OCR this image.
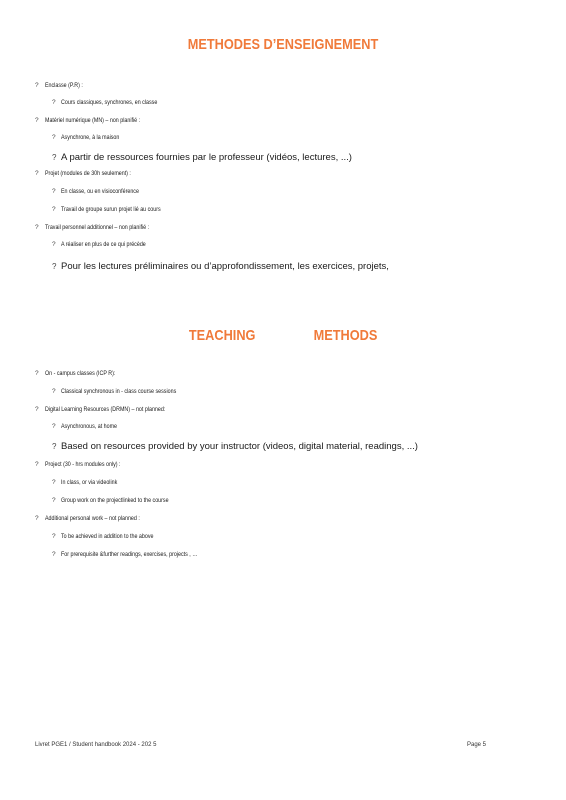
METHODES D’ENSEIGNEMENT
? Enclasse (P.R) :
? Cours classiques, synchrones, en classe
? Matériel numérique (MN) – non planifié :
? Asynchrone, à la maison
? A partir de ressources fournies par le professeur (vidéos, lectures, ...)
? Projet (modules de 30h seulement) :
? En classe, ou en visioconférence
? Travail de groupe surun projet lié au cours
? Travail personnel additionnel – non planifié :
? A réaliser en plus de ce qui précède
? Pour les lectures préliminaires ou d’approfondissement, les exercices, projets,
TEACHING	METHODS
? On - campus classes (ICP R):
? Classical synchronous in - class course sessions
? Digital Learning Resources (DRMN) – not planned:
? Asynchronous, at home
? Based on resources provided by your instructor (videos, digital material, readings, ...)
? Project (30 - hrs modules only) :
? In class, or via videolink
? Group work on the projectlinked to the course
? Additional personal work – not planned :
? To be achieved in addition to the above
? For prerequisite &further readings, exercises, projects , …
Livret PGE1 / Student handbook 2024 - 202 5	Page 5
